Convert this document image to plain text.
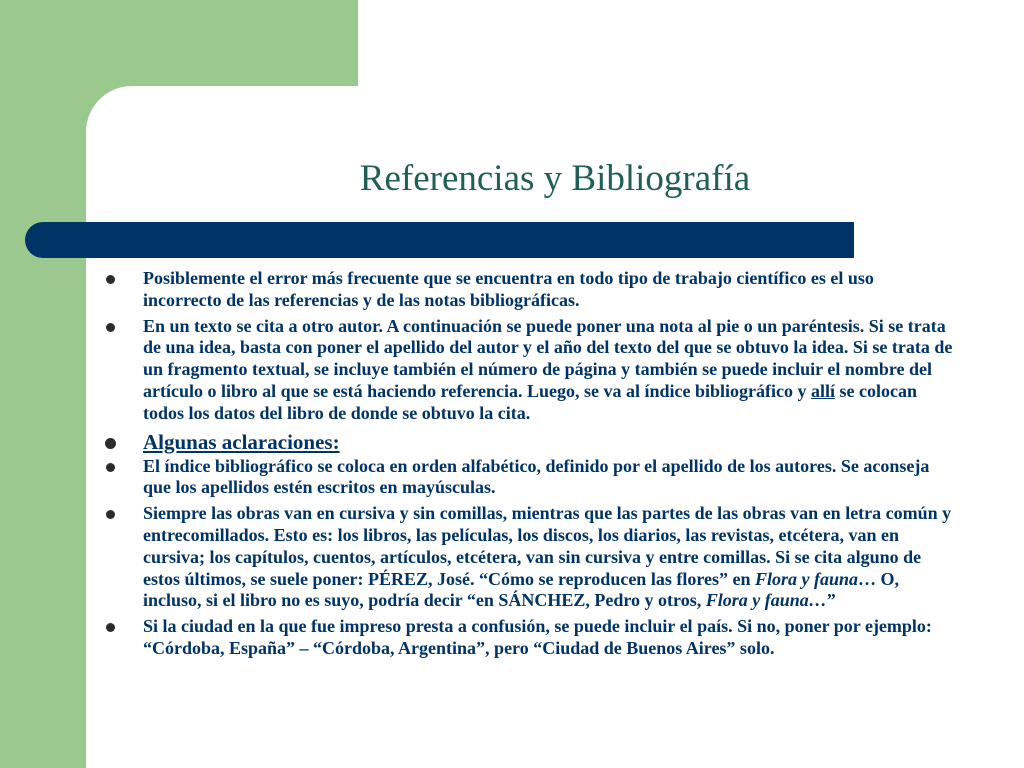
Referencias y Bibliografía
Posiblemente el error más frecuente que se encuentra en todo tipo de trabajo científico es el uso incorrecto de las referencias y de las notas bibliográficas.
En un texto se cita a otro autor. A continuación se puede poner una nota al pie o un paréntesis. Si se trata de una idea, basta con poner el apellido del autor y el año del texto del que se obtuvo la idea. Si se trata de un fragmento textual, se incluye también el número de página y también se puede incluir el nombre del artículo o libro al que se está haciendo referencia. Luego, se va al índice bibliográfico y allí se colocan todos los datos del libro de donde se obtuvo la cita.
Algunas aclaraciones:
El índice bibliográfico se coloca en orden alfabético, definido por el apellido de los autores. Se aconseja que los apellidos estén escritos en mayúsculas.
Siempre las obras van en cursiva y sin comillas, mientras que las partes de las obras van en letra común y entrecomillados. Esto es: los libros, las películas, los discos, los diarios, las revistas, etcétera, van en cursiva; los capítulos, cuentos, artículos, etcétera, van sin cursiva y entre comillas. Si se cita alguno de estos últimos, se suele poner: PÉREZ, José. “Cómo se reproducen las flores” en Flora y fauna… O, incluso, si el libro no es suyo, podría decir “en SÁNCHEZ, Pedro y otros, Flora y fauna…”
Si la ciudad en la que fue impreso presta a confusión, se puede incluir el país. Si no, poner por ejemplo: “Córdoba, España” – “Córdoba, Argentina”, pero “Ciudad de Buenos Aires” solo.
